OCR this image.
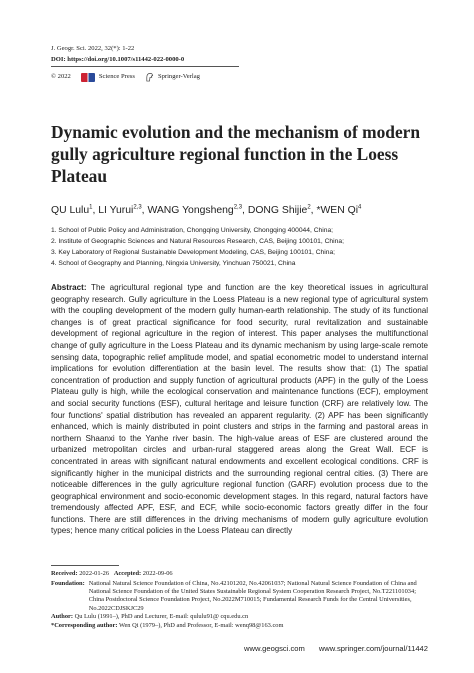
J. Geogr. Sci. 2022, 32(*): 1-22
DOI: https://doi.org/10.1007/s11442-022-0000-0
© 2022	Science Press	Springer-Verlag
Dynamic evolution and the mechanism of modern gully agriculture regional function in the Loess Plateau
QU Lulu$^1$, LI Yurui$^{2,3}$, WANG Yongsheng$^{2,3}$, DONG Shijie$^2$, *WEN Qi$^4$
1. School of Public Policy and Administration, Chongqing University, Chongqing 400044, China;
2. Institute of Geographic Sciences and Natural Resources Research, CAS, Beijing 100101, China;
3. Key Laboratory of Regional Sustainable Development Modeling, CAS, Beijing 100101, China;
4. School of Geography and Planning, Ningxia University, Yinchuan 750021, China

Abstract: The agricultural regional type and function are the key theoretical issues in agricultural geography research. Gully agriculture in the Loess Plateau is a new regional type of agricultural system with the coupling development of the modern gully human-earth relationship. The study of its functional changes is of great practical significance for food security, rural revitalization and sustainable development of regional agriculture in the region of interest. This paper analyses the multifunctional change of gully agriculture in the Loess Plateau and its dynamic mechanism by using large-scale remote sensing data, topographic relief amplitude model, and spatial econometric model to understand internal implications for evolution differentiation at the basin level. The results show that: (1) The spatial concentration of production and supply function of agricultural products (APF) in the gully of the Loess Plateau gully is high, while the ecological conservation and maintenance functions (ECF), employment and social security functions (ESF), cultural heritage and leisure function (CRF) are relatively low. The four functions' spatial distribution has revealed an apparent regularity. (2) APF has been significantly enhanced, which is mainly distributed in point clusters and strips in the farming and pastoral areas in northern Shaanxi to the Yanhe river basin. The high-value areas of ESF are clustered around the urbanized metropolitan circles and urban-rural staggered areas along the Great Wall. ECF is concentrated in areas with significant natural endowments and excellent ecological conditions. CRF is significantly higher in the municipal districts and the surrounding regional central cities. (3) There are noticeable differences in the gully agriculture regional function (GARF) evolution process due to the geographical environment and socio-economic development stages. In this regard, natural factors have tremendously affected APF, ESF, and ECF, while socio-economic factors greatly differ in the four functions. There are still differences in the driving mechanisms of modern gully agriculture evolution types; hence many critical policies in the Loess Plateau can directly

Received: 2022-01-26 Accepted: 2022-09-06
Foundation: National Natural Science Foundation of China, No.42101202, No.42061037; National Natural Science Foundation of China and National Science Foundation of the United States Sustainable Regional System Cooperation Research Project, No.T221101034; China Postdoctoral Science Foundation Project, No.2022M710015; Fundamental Research Funds for the Central Universities, No.2022CDJSKJC29
Author: Qu Lulu (1991–), PhD and Lecturer, E-mail: qululu91@ cqu.edu.cn
*Corresponding author: Wen Qi (1979–), PhD and Professor, E-mail: wenq98@163.com
www.geogsci.com www.springer.com/journal/11442
